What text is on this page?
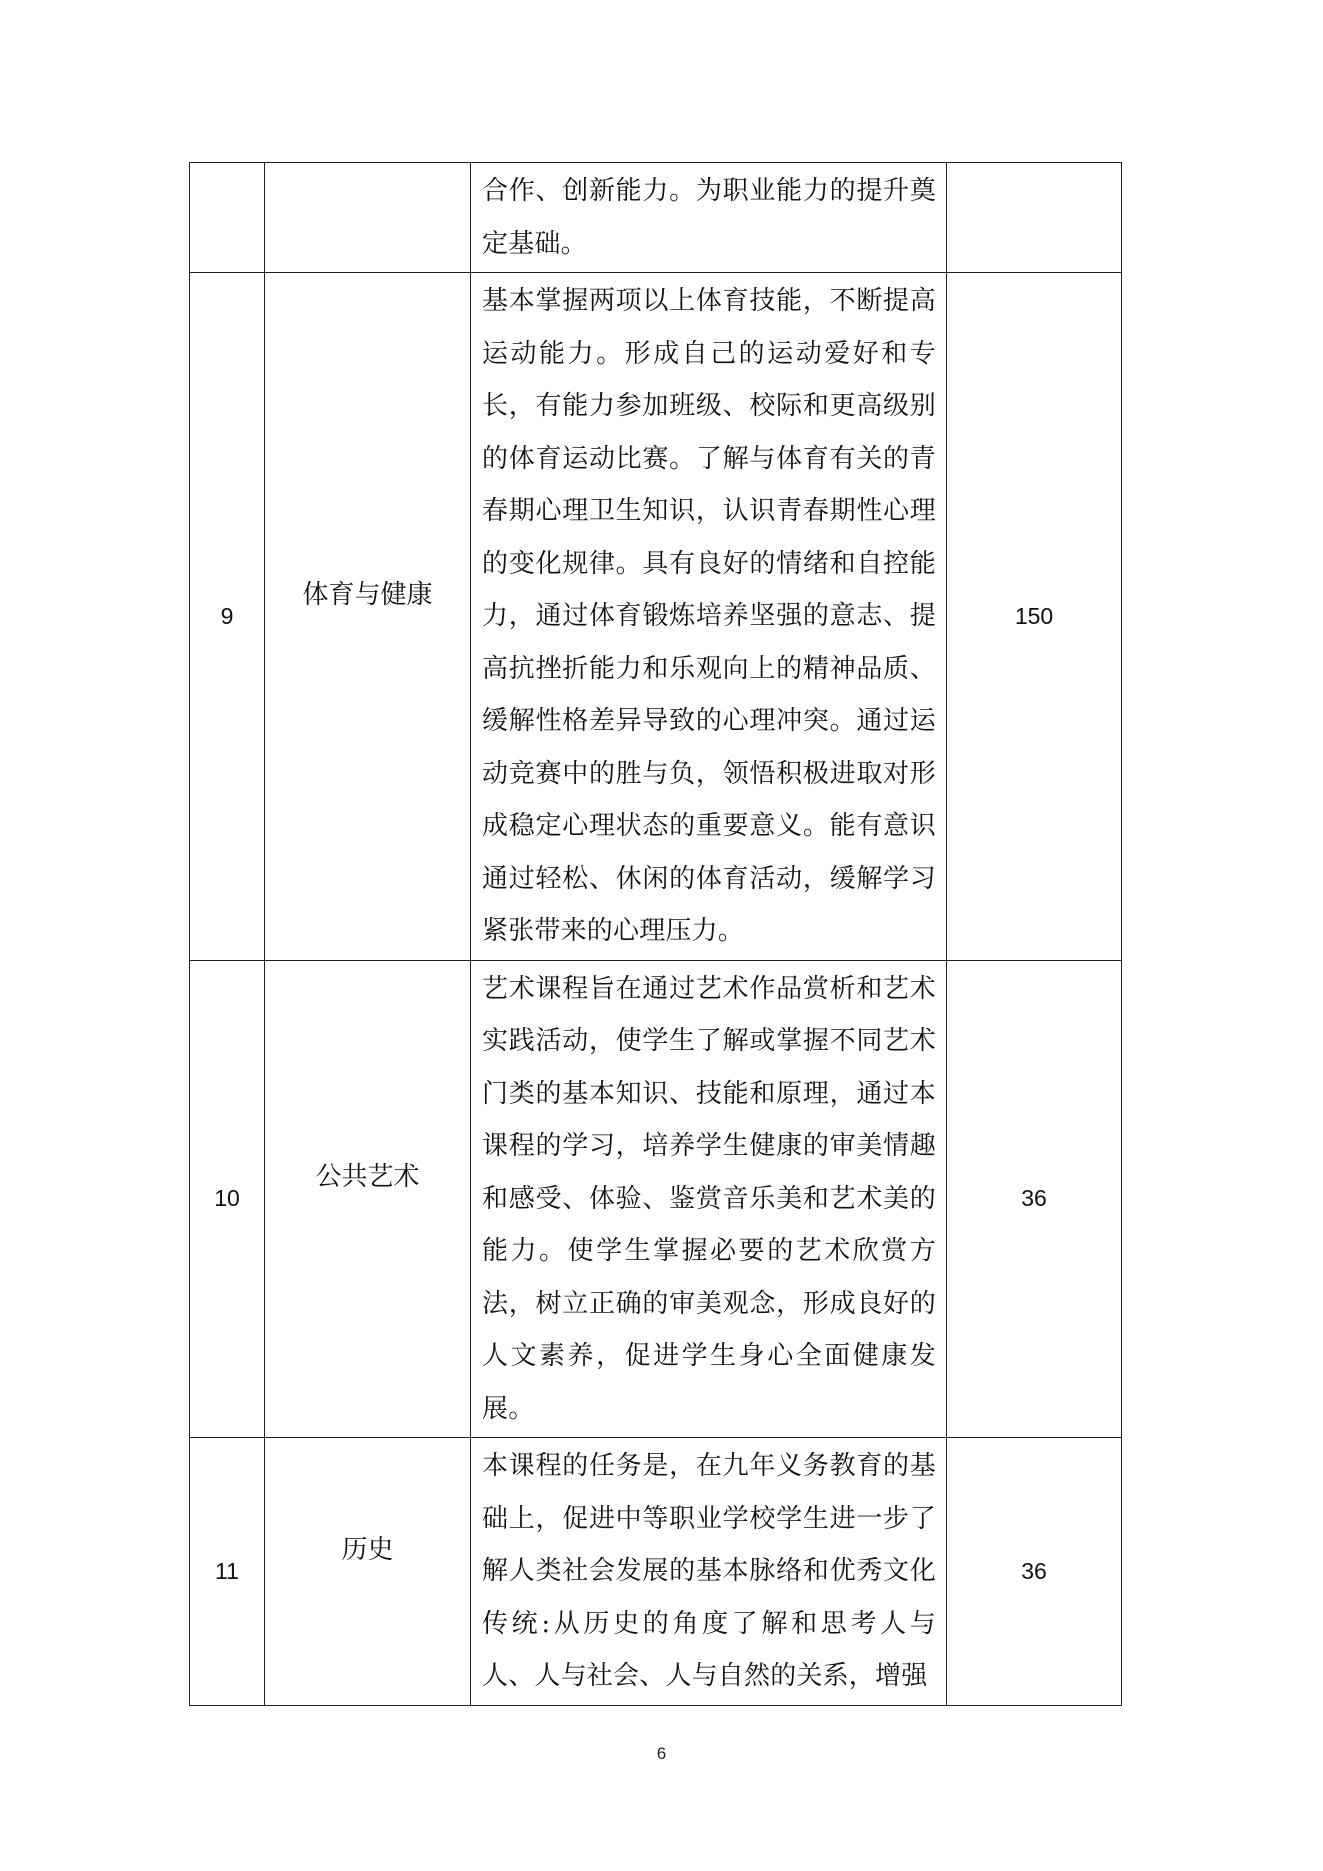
		合作、创新能力。为职业能力的提升奠定基础。	
9	体育与健康	基本掌握两项以上体育技能，不断提高运动能力。形成自己的运动爱好和专长，有能力参加班级、校际和更高级别的体育运动比赛。了解与体育有关的青春期心理卫生知识，认识青春期性心理的变化规律。具有良好的情绪和自控能力，通过体育锻炼培养坚强的意志、提高抗挫折能力和乐观向上的精神品质、缓解性格差异导致的心理冲突。通过运动竞赛中的胜与负，领悟积极进取对形成稳定心理状态的重要意义。能有意识通过轻松、休闲的体育活动，缓解学习紧张带来的心理压力。	150
10	公共艺术	艺术课程旨在通过艺术作品赏析和艺术实践活动，使学生了解或掌握不同艺术门类的基本知识、技能和原理，通过本课程的学习，培养学生健康的审美情趣和感受、体验、鉴赏音乐美和艺术美的能力。使学生掌握必要的艺术欣赏方法，树立正确的审美观念，形成良好的人文素养，促进学生身心全面健康发展。	36
11	历史	本课程的任务是，在九年义务教育的基础上，促进中等职业学校学生进一步了解人类社会发展的基本脉络和优秀文化传统:从历史的角度了解和思考人与人、人与社会、人与自然的关系，增强	36
6
